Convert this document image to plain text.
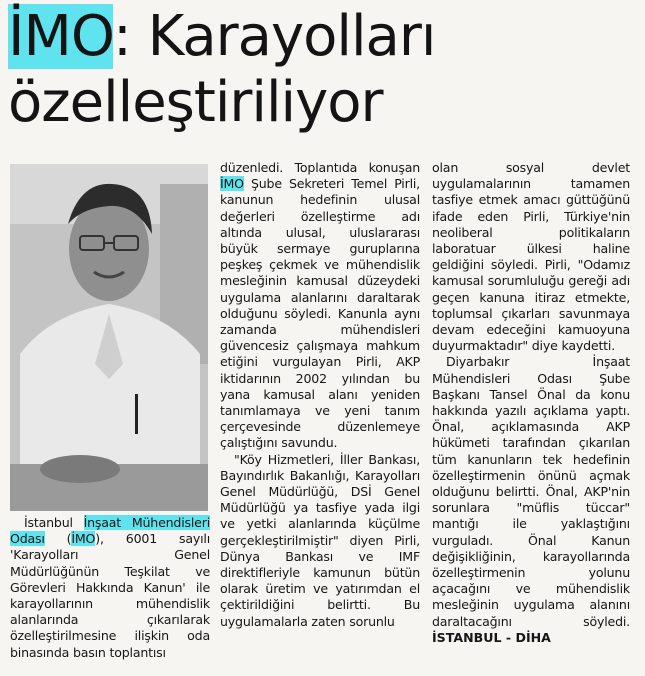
İMO: Karayolları özelleştiriliyor

İstanbul İnşaat Mühendisleri Odası (İMO), 6001 sayılı 'Karayolları Genel Müdürlüğünün Teşkilat ve Görevleri Hakkında Kanun' ile karayollarının mühendislik alanlarında çıkarılarak özelleştirilmesine ilişkin oda binasında basın toplantısı

düzenledi. Toplantıda konuşan İMO Şube Sekreteri Temel Pirli, kanunun hedefinin ulusal değerleri özelleştirme adı altında ulusal, uluslararası büyük sermaye guruplarına peşkeş çekmek ve mühendislik mesleğinin kamusal düzeydeki uygulama alanlarını daraltarak olduğunu söyledi. Kanunla aynı zamanda mühendisleri güvencesiz çalışmaya mahkum etiğini vurgulayan Pirli, AKP iktidarının 2002 yılından bu yana kamusal alanı yeniden tanımlamaya ve yeni tanım çerçevesinde düzenlemeye çalıştığını savundu.

"Köy Hizmetleri, İller Bankası, Bayındırlık Bakanlığı, Karayolları Genel Müdürlüğü, DSİ Genel Müdürlüğü ya tasfiye yada ilgi ve yetki alanlarında küçülme gerçekleştirilmiştir" diyen Pirli, Dünya Bankası ve IMF direktifleriyle kamunun bütün olarak üretim ve yatırımdan el çektirildiğini belirtti. Bu uygulamalarla zaten sorunlu

olan sosyal devlet uygulamalarının tamamen tasfiye etmek amacı güttüğünü ifade eden Pirli, Türkiye'nin neoliberal politikaların laboratuar ülkesi haline geldiğini söyledi. Pirli, "Odamız kamusal sorumluluğu gereği adı geçen kanuna itiraz etmekte, toplumsal çıkarları savunmaya devam edeceğini kamuoyuna duyurmaktadır" diye kaydetti.

Diyarbakır İnşaat Mühendisleri Odası Şube Başkanı Tansel Önal da konu hakkında yazılı açıklama yaptı. Önal, açıklamasında AKP hükümeti tarafından çıkarılan tüm kanunların tek hedefinin özelleştirmenin önünü açmak olduğunu belirtti. Önal, AKP'nin sorunlara "müflis tüccar" mantığı ile yaklaştığını vurguladı. Önal Kanun değişikliğinin, karayollarında özelleştirmenin yolunu açacağını ve mühendislik mesleğinin uygulama alanını daraltacağını söyledi. İSTANBUL - DİHA
